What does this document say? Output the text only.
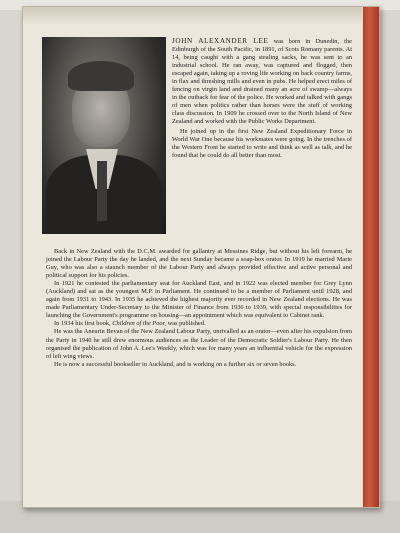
JOHN ALEXANDER LEE was born in Dunedin, the Edinburgh of the South Pacific, in 1891, of Scots Romany parents. At 14, being caught with a gang stealing sacks, he was sent to an industrial school. He ran away, was captured and flogged, then escaped again, taking up a roving life working on back country farms, in flax and threshing mills and even in pubs. He helped erect miles of fencing on virgin land and drained many an acre of swamp—always in the outback for fear of the police. He worked and talked with gangs of men when politics rather than horses were the stuff of working class discussion. In 1909 he crossed over to the North Island of New Zealand and worked with the Public Works Department.

He joined up in the first New Zealand Expeditionary Force in World War One because his workmates were going. In the trenches of the Western Front he started to write and think as well as talk, and he found that he could do all better than most.

Back in New Zealand with the D.C.M. awarded for gallantry at Messines Ridge, but without his left forearm, he joined the Labour Party the day he landed, and the next Sunday became a soap-box orator. In 1919 he married Marie Guy, who was also a staunch member of the Labour Party and always provided effective and active personal and political support for his policies.

In 1921 he contested the parliamentary seat for Auckland East, and in 1922 was elected member for Grey Lynn (Auckland) and sat as the youngest M.P. in Parliament. He continued to be a member of Parliament until 1928, and again from 1931 to 1943. In 1935 he achieved the highest majority ever recorded in New Zealand elections. He was made Parliamentary Under-Secretary to the Minister of Finance from 1936 to 1939, with special responsibilities for launching the Government's programme on housing—an appointment which was equivalent to Cabinet rank.

In 1934 his first book, Children of the Poor, was published.

He was the Aneurin Bevan of the New Zealand Labour Party, unrivalled as an orator—even after his expulsion from the Party in 1940 he still drew enormous audiences as the Leader of the Democratic Soldier's Labour Party. He then organised the publication of John A. Lee's Weekly, which was for many years an influential vehicle for the expression of left wing views.

He is now a successful bookseller in Auckland, and is working on a further six or seven books.
